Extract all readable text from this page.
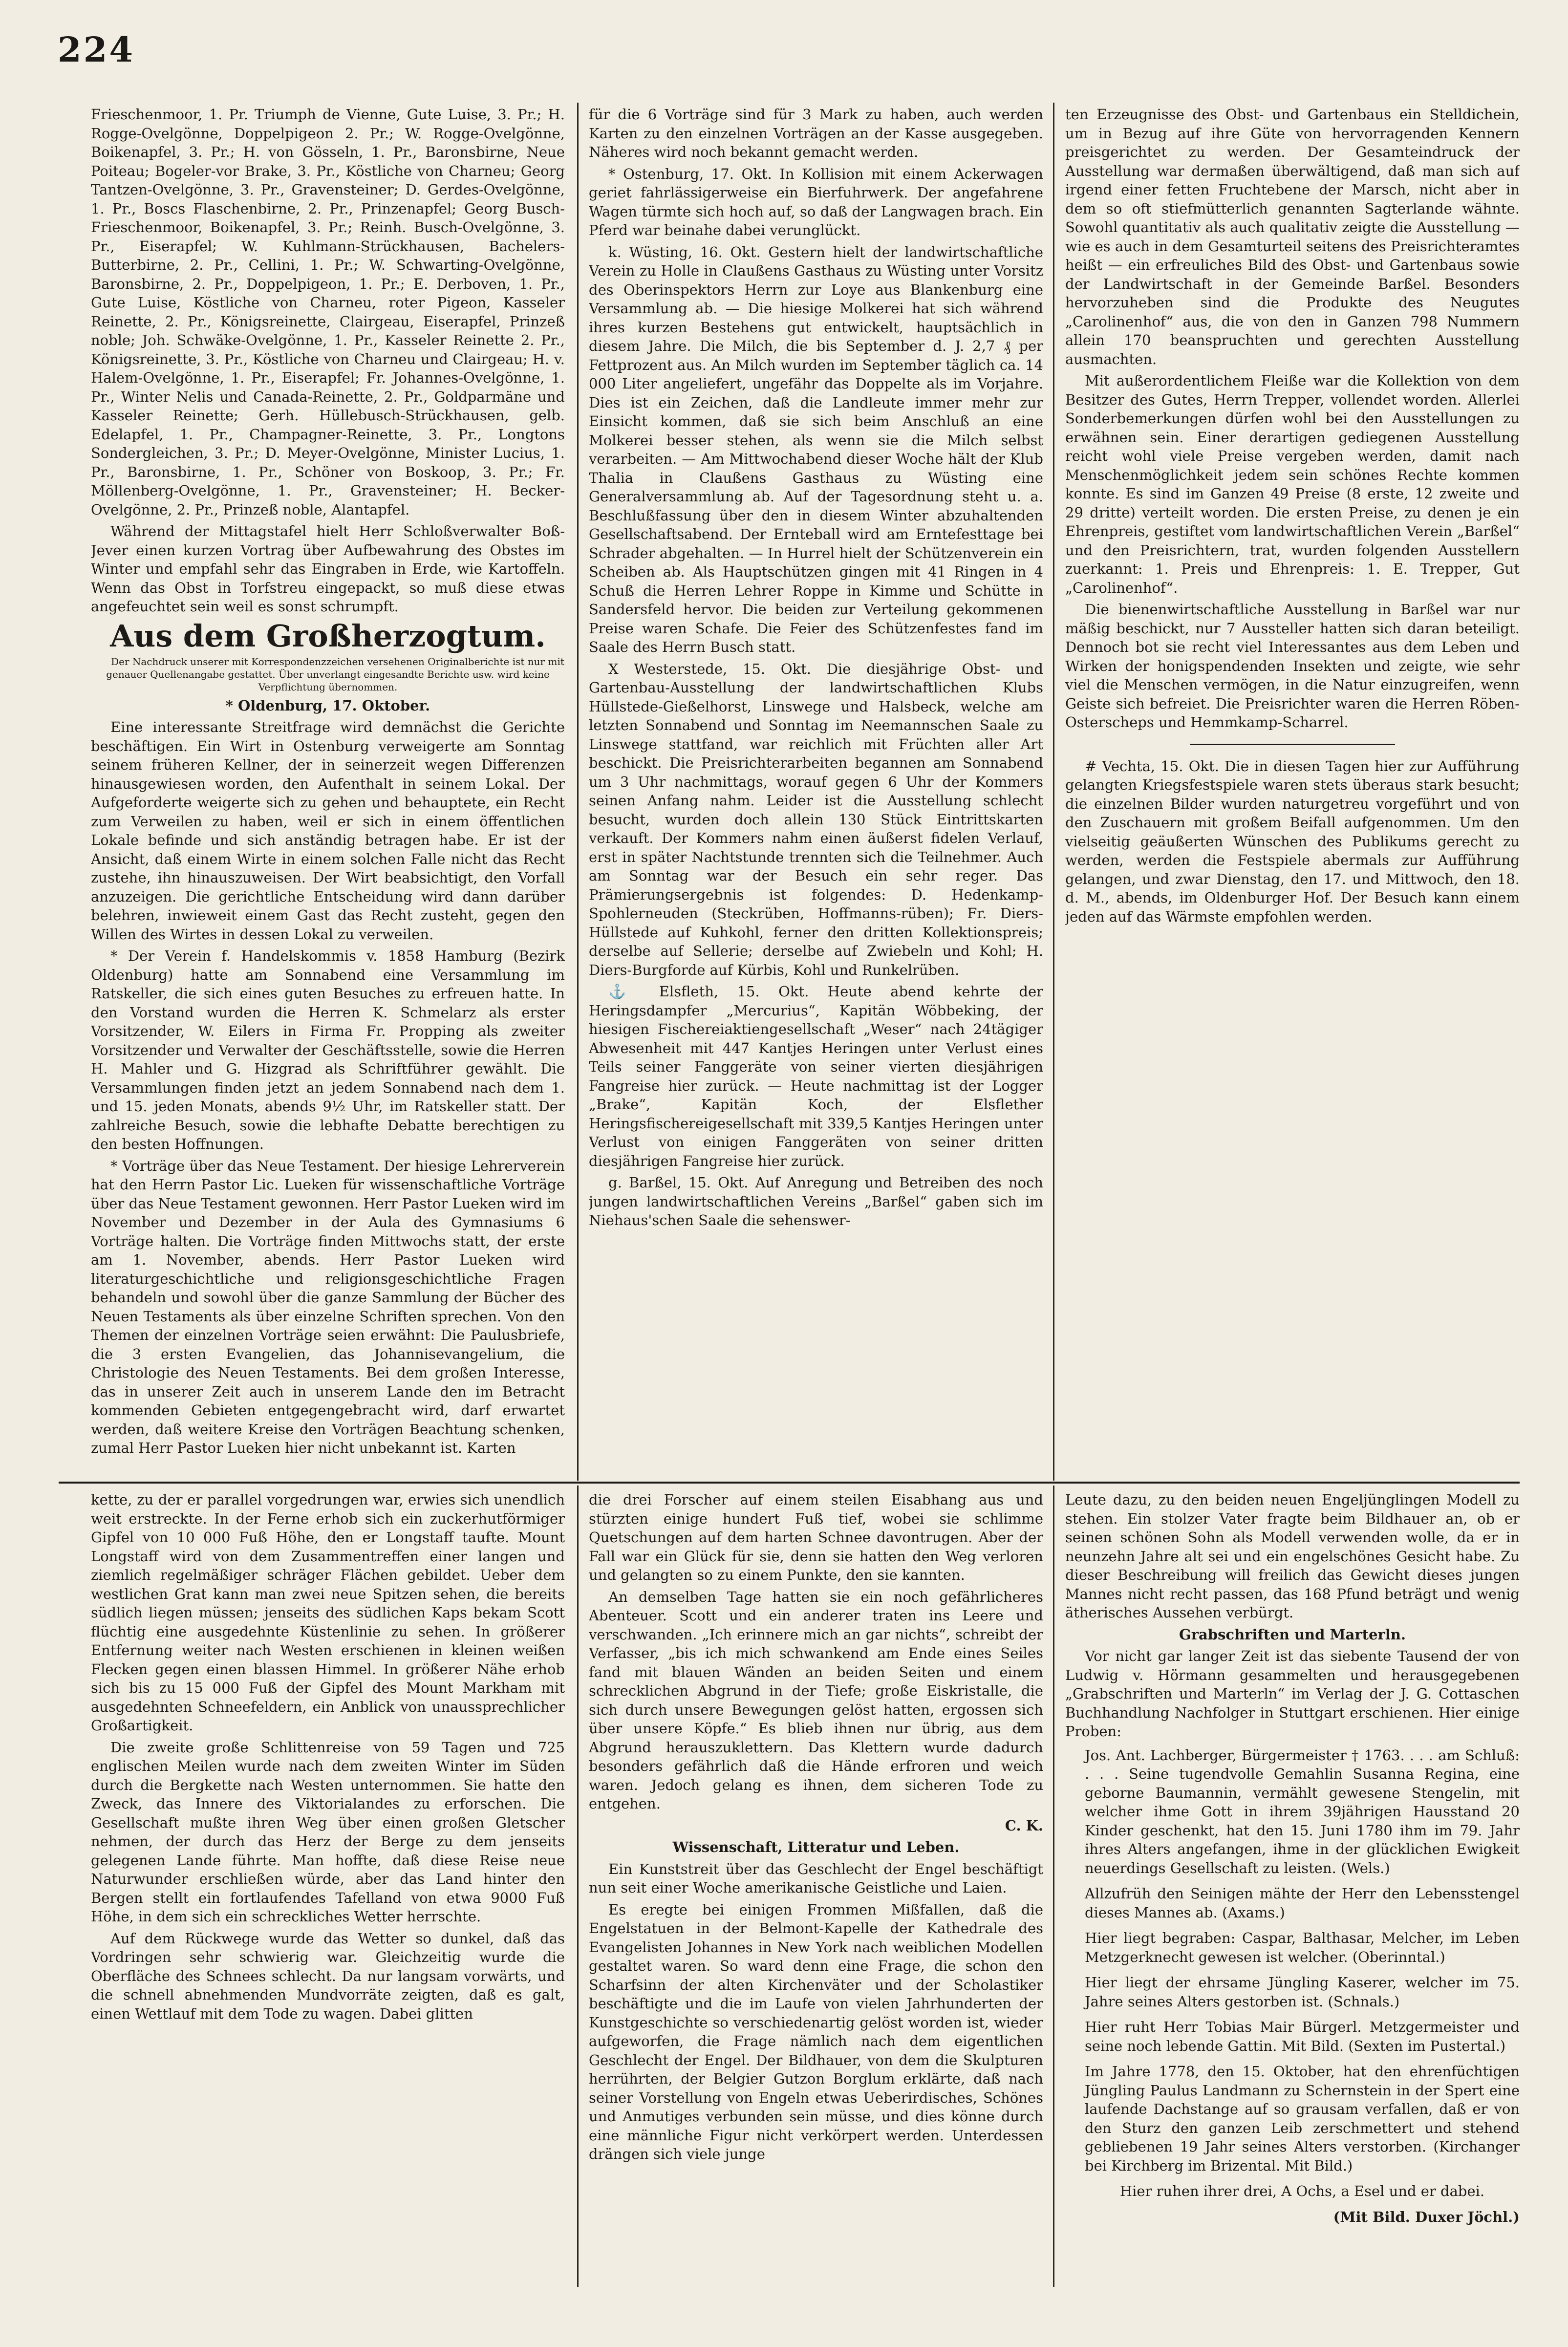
224

Frieschenmoor, 1. Pr. Triumph de Vienne, Gute Luise, 3. Pr.; H. Rogge-Ovelgönne, Doppelpigeon 2. Pr.; W. Rogge-Ovelgönne, Boikenapfel, 3. Pr.; H. von Gösseln, 1. Pr., Baronsbirne, Neue Poiteau; Bogeler-vor Brake, 3. Pr., Köstliche von Charneu; Georg Tantzen-Ovelgönne, 3. Pr., Gravensteiner; D. Gerdes-Ovelgönne, 1. Pr., Boscs Flaschenbirne, 2. Pr., Prinzenapfel; Georg Busch-Frieschenmoor, Boikenapfel, 3. Pr.; Reinh. Busch-Ovelgönne, 3. Pr., Eiserapfel; W. Kuhlmann-Strückhausen, Bachelers-Butterbirne, 2. Pr., Cellini, 1. Pr.; W. Schwarting-Ovelgönne, Baronsbirne, 2. Pr., Doppelpigeon, 1. Pr.; E. Derboven, 1. Pr., Gute Luise, Köstliche von Charneu, roter Pigeon, Kasseler Reinette, 2. Pr., Königsreinette, Clairgeau, Eiserapfel, Prinzeß noble; Joh. Schwäke-Ovelgönne, 1. Pr., Kasseler Reinette 2. Pr., Königsreinette, 3. Pr., Köstliche von Charneu und Clairgeau; H. v. Halem-Ovelgönne, 1. Pr., Eiserapfel; Fr. Johannes-Ovelgönne, 1. Pr., Winter Nelis und Canada-Reinette, 2. Pr., Goldparmäne und Kasseler Reinette; Gerh. Hüllebusch-Strückhausen, gelb. Edelapfel, 1. Pr., Champagner-Reinette, 3. Pr., Longtons Sondergleichen, 3. Pr.; D. Meyer-Ovelgönne, Minister Lucius, 1. Pr., Baronsbirne, 1. Pr., Schöner von Boskoop, 3. Pr.; Fr. Möllenberg-Ovelgönne, 1. Pr., Gravensteiner; H. Becker-Ovelgönne, 2. Pr., Prinzeß noble, Alantapfel.

Während der Mittagstafel hielt Herr Schloßverwalter Boß-Jever einen kurzen Vortrag über Aufbewahrung des Obstes im Winter und empfahl sehr das Eingraben in Erde, wie Kartoffeln. Wenn das Obst in Torfstreu eingepackt, so muß diese etwas angefeuchtet sein weil es sonst schrumpft.

Aus dem Großherzogtum.

Der Nachdruck unserer mit Korrespondenzzeichen versehenen Originalberichte ist nur mit genauer Quellenangabe gestattet. Über unverlangt eingesandte Berichte usw. wird keine Verpflichtung übernommen.

* Oldenburg, 17. Oktober.

Eine interessante Streitfrage wird demnächst die Gerichte beschäftigen. Ein Wirt in Ostenburg verweigerte am Sonntag seinem früheren Kellner, der in seinerzeit wegen Differenzen hinausgewiesen worden, den Aufenthalt in seinem Lokal. Der Aufgeforderte weigerte sich zu gehen und behauptete, ein Recht zum Verweilen zu haben, weil er sich in einem öffentlichen Lokale befinde und sich anständig betragen habe. Er ist der Ansicht, daß einem Wirte in einem solchen Falle nicht das Recht zustehe, ihn hinauszuweisen. Der Wirt beabsichtigt, den Vorfall anzuzeigen. Die gerichtliche Entscheidung wird dann darüber belehren, inwieweit einem Gast das Recht zusteht, gegen den Willen des Wirtes in dessen Lokal zu verweilen.

* Der Verein f. Handelskommis v. 1858 Hamburg (Bezirk Oldenburg) hatte am Sonnabend eine Versammlung im Ratskeller, die sich eines guten Besuches zu erfreuen hatte. In den Vorstand wurden die Herren K. Schmelarz als erster Vorsitzender, W. Eilers in Firma Fr. Propping als zweiter Vorsitzender und Verwalter der Geschäftsstelle, sowie die Herren H. Mahler und G. Hizgrad als Schriftführer gewählt. Die Versammlungen finden jetzt an jedem Sonnabend nach dem 1. und 15. jeden Monats, abends 9½ Uhr, im Ratskeller statt. Der zahlreiche Besuch, sowie die lebhafte Debatte berechtigen zu den besten Hoffnungen.

* Vorträge über das Neue Testament. Der hiesige Lehrerverein hat den Herrn Pastor Lic. Lueken für wissenschaftliche Vorträge über das Neue Testament gewonnen. Herr Pastor Lueken wird im November und Dezember in der Aula des Gymnasiums 6 Vorträge halten. Die Vorträge finden Mittwochs statt, der erste am 1. November, abends. Herr Pastor Lueken wird literaturgeschichtliche und religionsgeschichtliche Fragen behandeln und sowohl über die ganze Sammlung der Bücher des Neuen Testaments als über einzelne Schriften sprechen. Von den Themen der einzelnen Vorträge seien erwähnt: Die Paulusbriefe, die 3 ersten Evangelien, das Johannisevangelium, die Christologie des Neuen Testaments. Bei dem großen Interesse, das in unserer Zeit auch in unserem Lande den im Betracht kommenden Gebieten entgegengebracht wird, darf erwartet werden, daß weitere Kreise den Vorträgen Beachtung schenken, zumal Herr Pastor Lueken hier nicht unbekannt ist. Karten

für die 6 Vorträge sind für 3 Mark zu haben, auch werden Karten zu den einzelnen Vorträgen an der Kasse ausgegeben. Näheres wird noch bekannt gemacht werden.

* Ostenburg, 17. Okt. In Kollision mit einem Ackerwagen geriet fahrlässigerweise ein Bierfuhrwerk. Der angefahrene Wagen türmte sich hoch auf, so daß der Langwagen brach. Ein Pferd war beinahe dabei verunglückt.

k. Wüsting, 16. Okt. Gestern hielt der landwirtschaftliche Verein zu Holle in Claußens Gasthaus zu Wüsting unter Vorsitz des Oberinspektors Herrn zur Loye aus Blankenburg eine Versammlung ab. — Die hiesige Molkerei hat sich während ihres kurzen Bestehens gut entwickelt, hauptsächlich in diesem Jahre. Die Milch, die bis September d. J. 2,7 ₰ per Fettprozent aus. An Milch wurden im September täglich ca. 14 000 Liter angeliefert, ungefähr das Doppelte als im Vorjahre. Dies ist ein Zeichen, daß die Landleute immer mehr zur Einsicht kommen, daß sie sich beim Anschluß an eine Molkerei besser stehen, als wenn sie die Milch selbst verarbeiten. — Am Mittwochabend dieser Woche hält der Klub Thalia in Claußens Gasthaus zu Wüsting eine Generalversammlung ab. Auf der Tagesordnung steht u. a. Beschlußfassung über den in diesem Winter abzuhaltenden Gesellschaftsabend. Der Ernteball wird am Erntefesttage bei Schrader abgehalten. — In Hurrel hielt der Schützenverein ein Scheiben ab. Als Hauptschützen gingen mit 41 Ringen in 4 Schuß die Herren Lehrer Roppe in Kimme und Schütte in Sandersfeld hervor. Die beiden zur Verteilung gekommenen Preise waren Schafe. Die Feier des Schützenfestes fand im Saale des Herrn Busch statt.

X Westerstede, 15. Okt. Die diesjährige Obst- und Gartenbau-Ausstellung der landwirtschaftlichen Klubs Hüllstede-Gießelhorst, Linswege und Halsbeck, welche am letzten Sonnabend und Sonntag im Neemannschen Saale zu Linswege stattfand, war reichlich mit Früchten aller Art beschickt. Die Preisrichterarbeiten begannen am Sonnabend um 3 Uhr nachmittags, worauf gegen 6 Uhr der Kommers seinen Anfang nahm. Leider ist die Ausstellung schlecht besucht, wurden doch allein 130 Stück Eintrittskarten verkauft. Der Kommers nahm einen äußerst fidelen Verlauf, erst in später Nachtstunde trennten sich die Teilnehmer. Auch am Sonntag war der Besuch ein sehr reger. Das Prämierungsergebnis ist folgendes: D. Hedenkamp-Spohlerneuden (Steckrüben, Hoffmanns-rüben); Fr. Diers-Hüllstede auf Kuhkohl, ferner den dritten Kollektionspreis; derselbe auf Sellerie; derselbe auf Zwiebeln und Kohl; H. Diers-Burgforde auf Kürbis, Kohl und Runkelrüben.

⚓ Elsfleth, 15. Okt. Heute abend kehrte der Heringsdampfer „Mercurius“, Kapitän Wöbbeking, der hiesigen Fischereiaktiengesellschaft „Weser“ nach 24tägiger Abwesenheit mit 447 Kantjes Heringen unter Verlust eines Teils seiner Fanggeräte von seiner vierten diesjährigen Fangreise hier zurück. — Heute nachmittag ist der Logger „Brake“, Kapitän Koch, der Elsflether Heringsfischereigesellschaft mit 339,5 Kantjes Heringen unter Verlust von einigen Fanggeräten von seiner dritten diesjährigen Fangreise hier zurück.

g. Barßel, 15. Okt. Auf Anregung und Betreiben des noch jungen landwirtschaftlichen Vereins „Barßel“ gaben sich im Niehaus'schen Saale die sehenswer-

ten Erzeugnisse des Obst- und Gartenbaus ein Stelldichein, um in Bezug auf ihre Güte von hervorragenden Kennern preisgerichtet zu werden. Der Gesamteindruck der Ausstellung war dermaßen überwältigend, daß man sich auf irgend einer fetten Fruchtebene der Marsch, nicht aber in dem so oft stiefmütterlich genannten Sagterlande wähnte. Sowohl quantitativ als auch qualitativ zeigte die Ausstellung — wie es auch in dem Gesamturteil seitens des Preisrichteramtes heißt — ein erfreuliches Bild des Obst- und Gartenbaus sowie der Landwirtschaft in der Gemeinde Barßel. Besonders hervorzuheben sind die Produkte des Neugutes „Carolinenhof“ aus, die von den in Ganzen 798 Nummern allein 170 beanspruchten und gerechten Ausstellung ausmachten.

Mit außerordentlichem Fleiße war die Kollektion von dem Besitzer des Gutes, Herrn Trepper, vollendet worden. Allerlei Sonderbemerkungen dürfen wohl bei den Ausstellungen zu erwähnen sein. Einer derartigen gediegenen Ausstellung reicht wohl viele Preise vergeben werden, damit nach Menschenmöglichkeit jedem sein schönes Rechte kommen konnte. Es sind im Ganzen 49 Preise (8 erste, 12 zweite und 29 dritte) verteilt worden. Die ersten Preise, zu denen je ein Ehrenpreis, gestiftet vom landwirtschaftlichen Verein „Barßel“ und den Preisrichtern, trat, wurden folgenden Ausstellern zuerkannt: 1. Preis und Ehrenpreis: 1. E. Trepper, Gut „Carolinenhof“.

Die bienenwirtschaftliche Ausstellung in Barßel war nur mäßig beschickt, nur 7 Aussteller hatten sich daran beteiligt. Dennoch bot sie recht viel Interessantes aus dem Leben und Wirken der honigspendenden Insekten und zeigte, wie sehr viel die Menschen vermögen, in die Natur einzugreifen, wenn Geiste sich befreiet. Die Preisrichter waren die Herren Röben-Osterscheps und Hemmkamp-Scharrel.

# Vechta, 15. Okt. Die in diesen Tagen hier zur Aufführung gelangten Kriegsfestspiele waren stets überaus stark besucht; die einzelnen Bilder wurden naturgetreu vorgeführt und von den Zuschauern mit großem Beifall aufgenommen. Um den vielseitig geäußerten Wünschen des Publikums gerecht zu werden, werden die Festspiele abermals zur Aufführung gelangen, und zwar Dienstag, den 17. und Mittwoch, den 18. d. M., abends, im Oldenburger Hof. Der Besuch kann einem jeden auf das Wärmste empfohlen werden.

kette, zu der er parallel vorgedrungen war, erwies sich unendlich weit erstreckte. In der Ferne erhob sich ein zuckerhutförmiger Gipfel von 10 000 Fuß Höhe, den er Longstaff taufte. Mount Longstaff wird von dem Zusammentreffen einer langen und ziemlich regelmäßiger schräger Flächen gebildet. Ueber dem westlichen Grat kann man zwei neue Spitzen sehen, die bereits südlich liegen müssen; jenseits des südlichen Kaps bekam Scott flüchtig eine ausgedehnte Küstenlinie zu sehen. In größerer Entfernung weiter nach Westen erschienen in kleinen weißen Flecken gegen einen blassen Himmel. In größerer Nähe erhob sich bis zu 15 000 Fuß der Gipfel des Mount Markham mit ausgedehnten Schneefeldern, ein Anblick von unaussprechlicher Großartigkeit.

Die zweite große Schlittenreise von 59 Tagen und 725 englischen Meilen wurde nach dem zweiten Winter im Süden durch die Bergkette nach Westen unternommen. Sie hatte den Zweck, das Innere des Viktorialandes zu erforschen. Die Gesellschaft mußte ihren Weg über einen großen Gletscher nehmen, der durch das Herz der Berge zu dem jenseits gelegenen Lande führte. Man hoffte, daß diese Reise neue Naturwunder erschließen würde, aber das Land hinter den Bergen stellt ein fortlaufendes Tafelland von etwa 9000 Fuß Höhe, in dem sich ein schreckliches Wetter herrschte.

Auf dem Rückwege wurde das Wetter so dunkel, daß das Vordringen sehr schwierig war. Gleichzeitig wurde die Oberfläche des Schnees schlecht. Da nur langsam vorwärts, und die schnell abnehmenden Mundvorräte zeigten, daß es galt, einen Wettlauf mit dem Tode zu wagen. Dabei glitten

die drei Forscher auf einem steilen Eisabhang aus und stürzten einige hundert Fuß tief, wobei sie schlimme Quetschungen auf dem harten Schnee davontrugen. Aber der Fall war ein Glück für sie, denn sie hatten den Weg verloren und gelangten so zu einem Punkte, den sie kannten.

An demselben Tage hatten sie ein noch gefährlicheres Abenteuer. Scott und ein anderer traten ins Leere und verschwanden. „Ich erinnere mich an gar nichts“, schreibt der Verfasser, „bis ich mich schwankend am Ende eines Seiles fand mit blauen Wänden an beiden Seiten und einem schrecklichen Abgrund in der Tiefe; große Eiskristalle, die sich durch unsere Bewegungen gelöst hatten, ergossen sich über unsere Köpfe.“ Es blieb ihnen nur übrig, aus dem Abgrund herauszuklettern. Das Klettern wurde dadurch besonders gefährlich daß die Hände erfroren und weich waren. Jedoch gelang es ihnen, dem sicheren Tode zu entgehen.

C. K.

Wissenschaft, Litteratur und Leben.

Ein Kunststreit über das Geschlecht der Engel beschäftigt nun seit einer Woche amerikanische Geistliche und Laien.

Es eregte bei einigen Frommen Mißfallen, daß die Engelstatuen in der Belmont-Kapelle der Kathedrale des Evangelisten Johannes in New York nach weiblichen Modellen gestaltet waren. So ward denn eine Frage, die schon den Scharfsinn der alten Kirchenväter und der Scholastiker beschäftigte und die im Laufe von vielen Jahrhunderten der Kunstgeschichte so verschiedenartig gelöst worden ist, wieder aufgeworfen, die Frage nämlich nach dem eigentlichen Geschlecht der Engel. Der Bildhauer, von dem die Skulpturen herrührten, der Belgier Gutzon Borglum erklärte, daß nach seiner Vorstellung von Engeln etwas Ueberirdisches, Schönes und Anmutiges verbunden sein müsse, und dies könne durch eine männliche Figur nicht verkörpert werden. Unterdessen drängen sich viele junge

Leute dazu, zu den beiden neuen Engeljünglingen Modell zu stehen. Ein stolzer Vater fragte beim Bildhauer an, ob er seinen schönen Sohn als Modell verwenden wolle, da er in neunzehn Jahre alt sei und ein engelschönes Gesicht habe. Zu dieser Beschreibung will freilich das Gewicht dieses jungen Mannes nicht recht passen, das 168 Pfund beträgt und wenig ätherisches Aussehen verbürgt.

Grabschriften und Marterln.

Vor nicht gar langer Zeit ist das siebente Tausend der von Ludwig v. Hörmann gesammelten und herausgegebenen „Grabschriften und Marterln“ im Verlag der J. G. Cottaschen Buchhandlung Nachfolger in Stuttgart erschienen. Hier einige Proben:

Jos. Ant. Lachberger, Bürgermeister † 1763. . . . am Schluß: . . . Seine tugendvolle Gemahlin Susanna Regina, eine geborne Baumannin, vermählt gewesene Stengelin, mit welcher ihme Gott in ihrem 39jährigen Hausstand 20 Kinder geschenkt, hat den 15. Juni 1780 ihm im 79. Jahr ihres Alters angefangen, ihme in der glücklichen Ewigkeit neuerdings Gesellschaft zu leisten. (Wels.)

Allzufrüh den Seinigen mähte der Herr den Lebensstengel dieses Mannes ab. (Axams.)

Hier liegt begraben: Caspar, Balthasar, Melcher, im Leben Metzgerknecht gewesen ist welcher. (Oberinntal.)

Hier liegt der ehrsame Jüngling Kaserer, welcher im 75. Jahre seines Alters gestorben ist. (Schnals.)

Hier ruht Herr Tobias Mair Bürgerl. Metzgermeister und seine noch lebende Gattin. Mit Bild. (Sexten im Pustertal.)

Im Jahre 1778, den 15. Oktober, hat den ehrenfüchtigen Jüngling Paulus Landmann zu Schernstein in der Spert eine laufende Dachstange auf so grausam verfallen, daß er von den Sturz den ganzen Leib zerschmettert und stehend gebliebenen 19 Jahr seines Alters verstorben. (Kirchanger bei Kirchberg im Brizental. Mit Bild.)

Hier ruhen ihrer drei, A Ochs, a Esel und er dabei.

(Mit Bild. Duxer Jöchl.)
